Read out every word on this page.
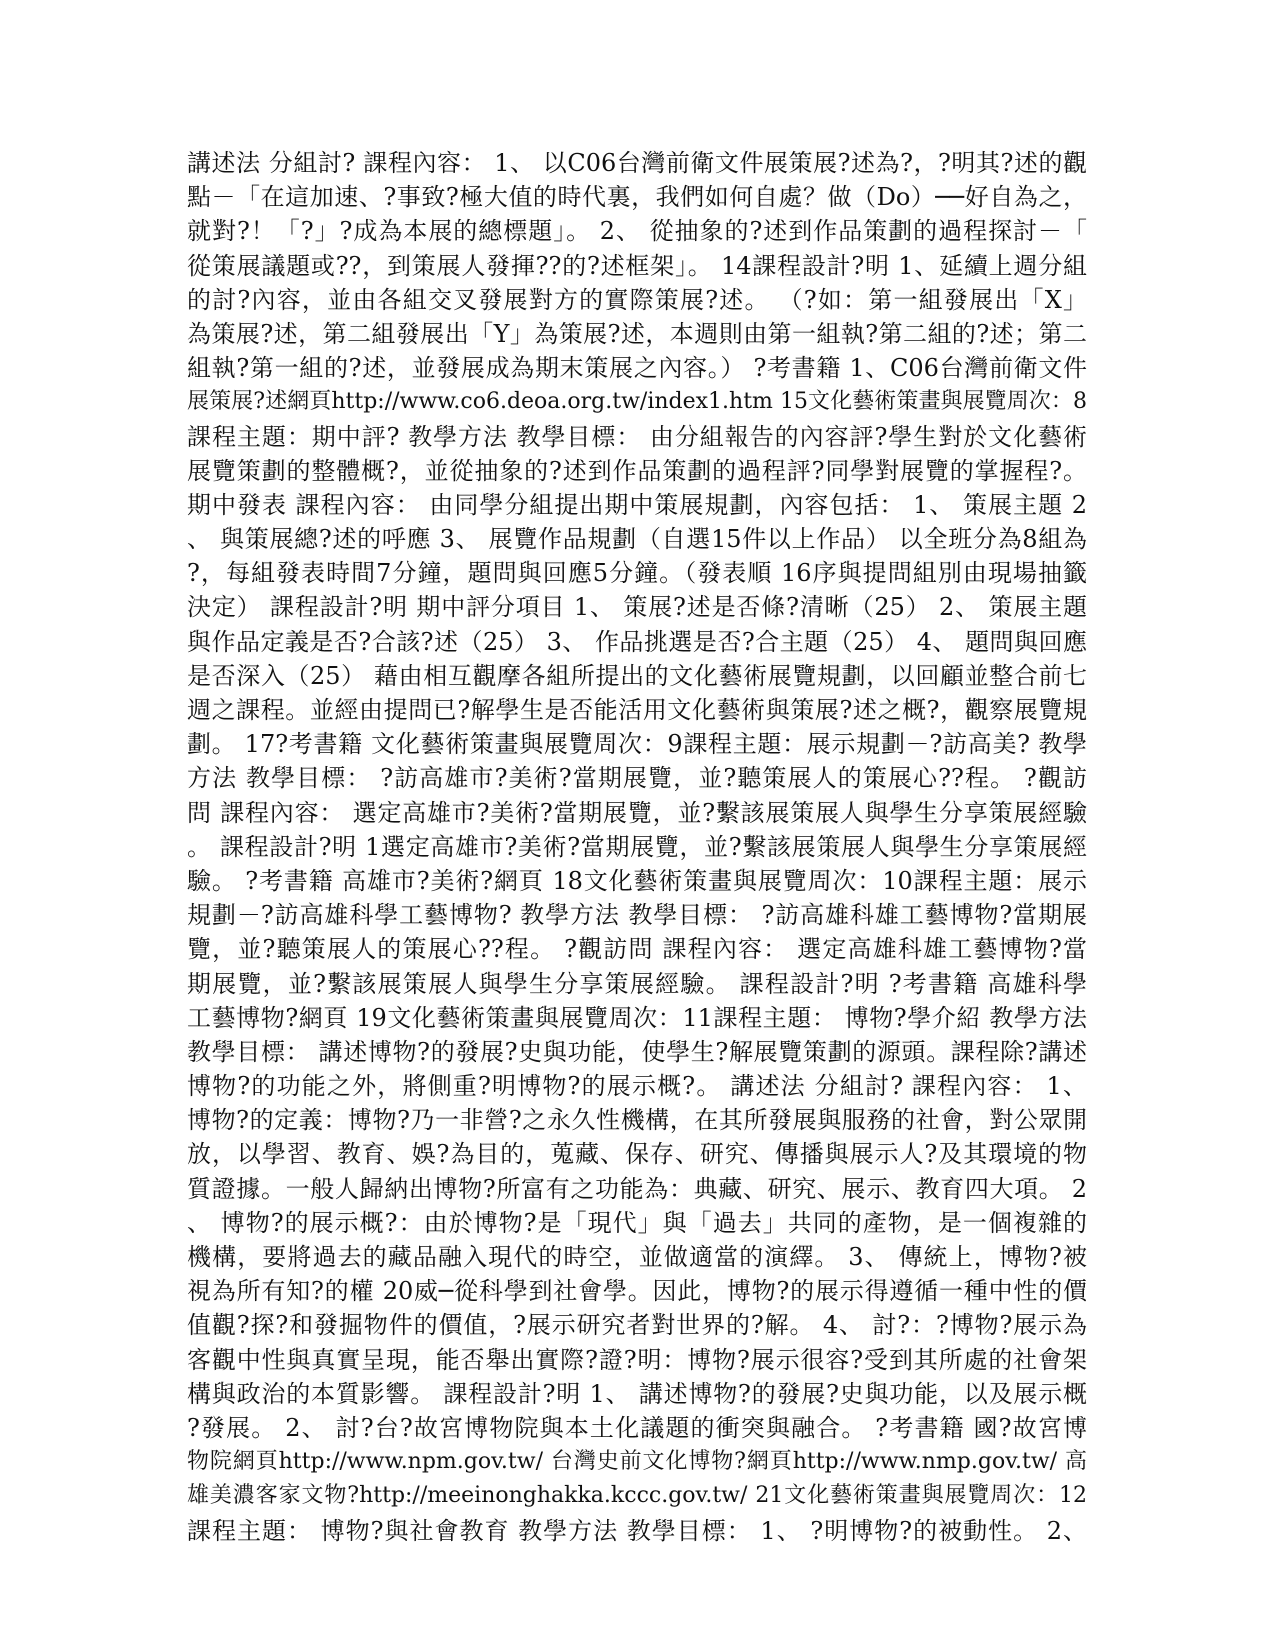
講述法 分組討? 課程內容： 1、 以C06台灣前衛文件展策展?述為?，?明其?述的觀
點－「在這加速、?事致?極大值的時代裏，我們如何自處？做（Do）──好自為之，
就對?！「?」?成為本展的總標題」。 2、 從抽象的?述到作品策劃的過程探討－「
從策展議題或??，到策展人發揮??的?述框架」。 14課程設計?明 1、延續上週分組
的討?內容，並由各組交叉發展對方的實際策展?述。 （?如：第一組發展出「X」
為策展?述，第二組發展出「Y」為策展?述，本週則由第一組執?第二組的?述；第二
組執?第一組的?述，並發展成為期末策展之內容。） ?考書籍 1、C06台灣前衛文件
展策展?述網頁http://www.co6.deoa.org.tw/index1.htm 15文化藝術策畫與展覽周次：8
課程主題：期中評? 教學方法 教學目標： 由分組報告的內容評?學生對於文化藝術
展覽策劃的整體概?，並從抽象的?述到作品策劃的過程評?同學對展覽的掌握程?。
期中發表 課程內容： 由同學分組提出期中策展規劃，內容包括： 1、 策展主題 2
、 與策展總?述的呼應 3、 展覽作品規劃（自選15件以上作品） 以全班分為8組為
?，每組發表時間7分鐘，題問與回應5分鐘。（發表順 16序與提問組別由現場抽籤
決定） 課程設計?明 期中評分項目 1、 策展?述是否條?清晰（25） 2、 策展主題
與作品定義是否?合該?述（25） 3、 作品挑選是否?合主題（25） 4、 題問與回應
是否深入（25） 藉由相互觀摩各組所提出的文化藝術展覽規劃，以回顧並整合前七
週之課程。並經由提問已?解學生是否能活用文化藝術與策展?述之概?，觀察展覽規
劃。 17?考書籍 文化藝術策畫與展覽周次：9課程主題：展示規劃－?訪高美? 教學
方法 教學目標： ?訪高雄市?美術?當期展覽，並?聽策展人的策展心??程。 ?觀訪
問 課程內容： 選定高雄市?美術?當期展覽，並?繫該展策展人與學生分享策展經驗
。 課程設計?明 1選定高雄市?美術?當期展覽，並?繫該展策展人與學生分享策展經
驗。 ?考書籍 高雄市?美術?網頁 18文化藝術策畫與展覽周次：10課程主題：展示
規劃－?訪高雄科學工藝博物? 教學方法 教學目標： ?訪高雄科雄工藝博物?當期展
覽，並?聽策展人的策展心??程。 ?觀訪問 課程內容： 選定高雄科雄工藝博物?當
期展覽，並?繫該展策展人與學生分享策展經驗。 課程設計?明 ?考書籍 高雄科學
工藝博物?網頁 19文化藝術策畫與展覽周次：11課程主題： 博物?學介紹 教學方法
教學目標： 講述博物?的發展?史與功能，使學生?解展覽策劃的源頭。課程除?講述
博物?的功能之外，將側重?明博物?的展示概?。 講述法 分組討? 課程內容： 1、
博物?的定義：博物?乃一非營?之永久性機構，在其所發展與服務的社會，對公眾開
放，以學習、教育、娛?為目的，蒐藏、保存、研究、傳播與展示人?及其環境的物
質證據。一般人歸納出博物?所富有之功能為：典藏、研究、展示、教育四大項。 2
、 博物?的展示概?：由於博物?是「現代」與「過去」共同的產物，是一個複雜的
機構，要將過去的藏品融入現代的時空，並做適當的演繹。 3、 傳統上，博物?被
視為所有知?的權 20威─從科學到社會學。因此，博物?的展示得遵循一種中性的價
值觀?探?和發掘物件的價值，?展示研究者對世界的?解。 4、 討?：?博物?展示為
客觀中性與真實呈現，能否舉出實際?證?明：博物?展示很容?受到其所處的社會架
構與政治的本質影響。 課程設計?明 1、 講述博物?的發展?史與功能，以及展示概
?發展。 2、 討?台?故宮博物院與本土化議題的衝突與融合。 ?考書籍 國?故宮博
物院網頁http://www.npm.gov.tw/ 台灣史前文化博物?網頁http://www.nmp.gov.tw/ 高
雄美濃客家文物?http://meeinonghakka.kccc.gov.tw/ 21文化藝術策畫與展覽周次：12
課程主題： 博物?與社會教育 教學方法 教學目標： 1、 ?明博物?的被動性。 2、
